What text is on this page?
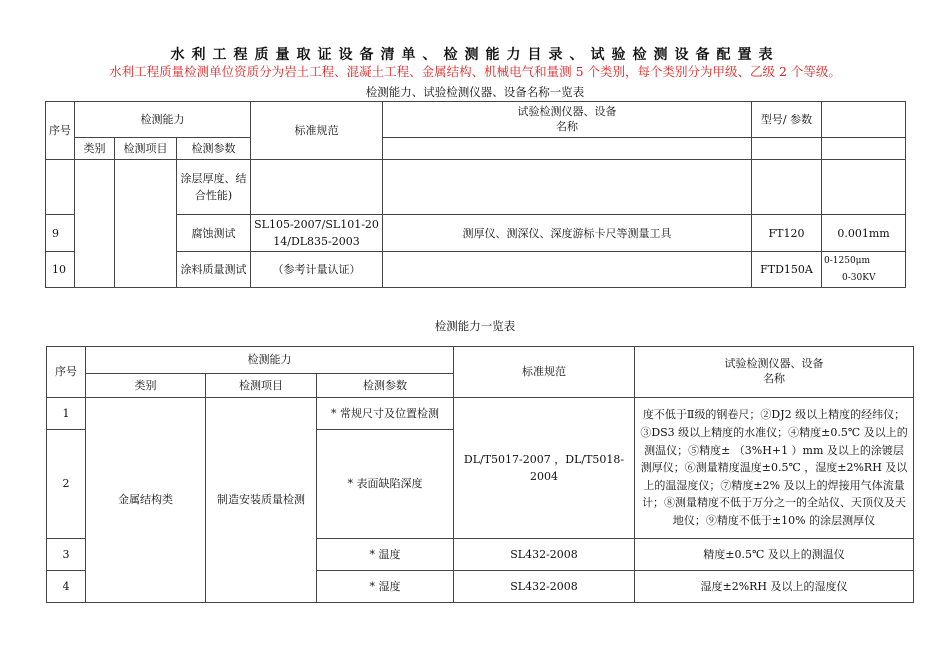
水利工程质量取证设备清单、检测能力目录、试验检测设备配置表
水利工程质量检测单位资质分为岩土工程、混凝土工程、金属结构、机械电气和量测 5 个类别，每个类别分为甲级、乙级 2 个等级。
检测能力、试验检测仪器、设备名称一览表
序号	检测能力			标准规范	试验检测仪器、设备
名称	型号/ 参数	
	类别	检测项目	检测参数				
			涂层厚度、结合性能)				
9			腐蚀测试	SL105-2007/SL101-2014/DL835-2003	测厚仪、测深仪、深度游标卡尺等测量工具	FT120	0.001mm
10			涂料质量测试	（参考计量认证）		FTD150A	0-1250μm
0-30KV
检测能力一览表
序号	检测能力			标准规范	试验检测仪器、设备
名称
	类别	检测项目	检测参数		
1	金属结构类	制造安装质量检测	* 常规尺寸及位置检测	DL/T5017-2007 ，DL/T5018-2004	度不低于Ⅱ级的钢卷尺；②DJ2 级以上精度的经纬仪；③DS3 级以上精度的水准仪；④精度±0.5℃ 及以上的测温仪；⑤精度± （3%H+1 ）mm 及以上的涂镀层测厚仪；⑥测量精度温度±0.5℃ ，湿度±2%RH 及以上的温湿度仪；⑦精度±2% 及以上的焊接用气体流量计；⑧测量精度不低于万分之一的全站仪、天顶仪及天地仪；⑨精度不低于±10% 的涂层测厚仪
2			* 表面缺陷深度		
3			* 温度	SL432-2008	精度±0.5℃ 及以上的测温仪
4			* 湿度	SL432-2008	湿度±2%RH 及以上的湿度仪
